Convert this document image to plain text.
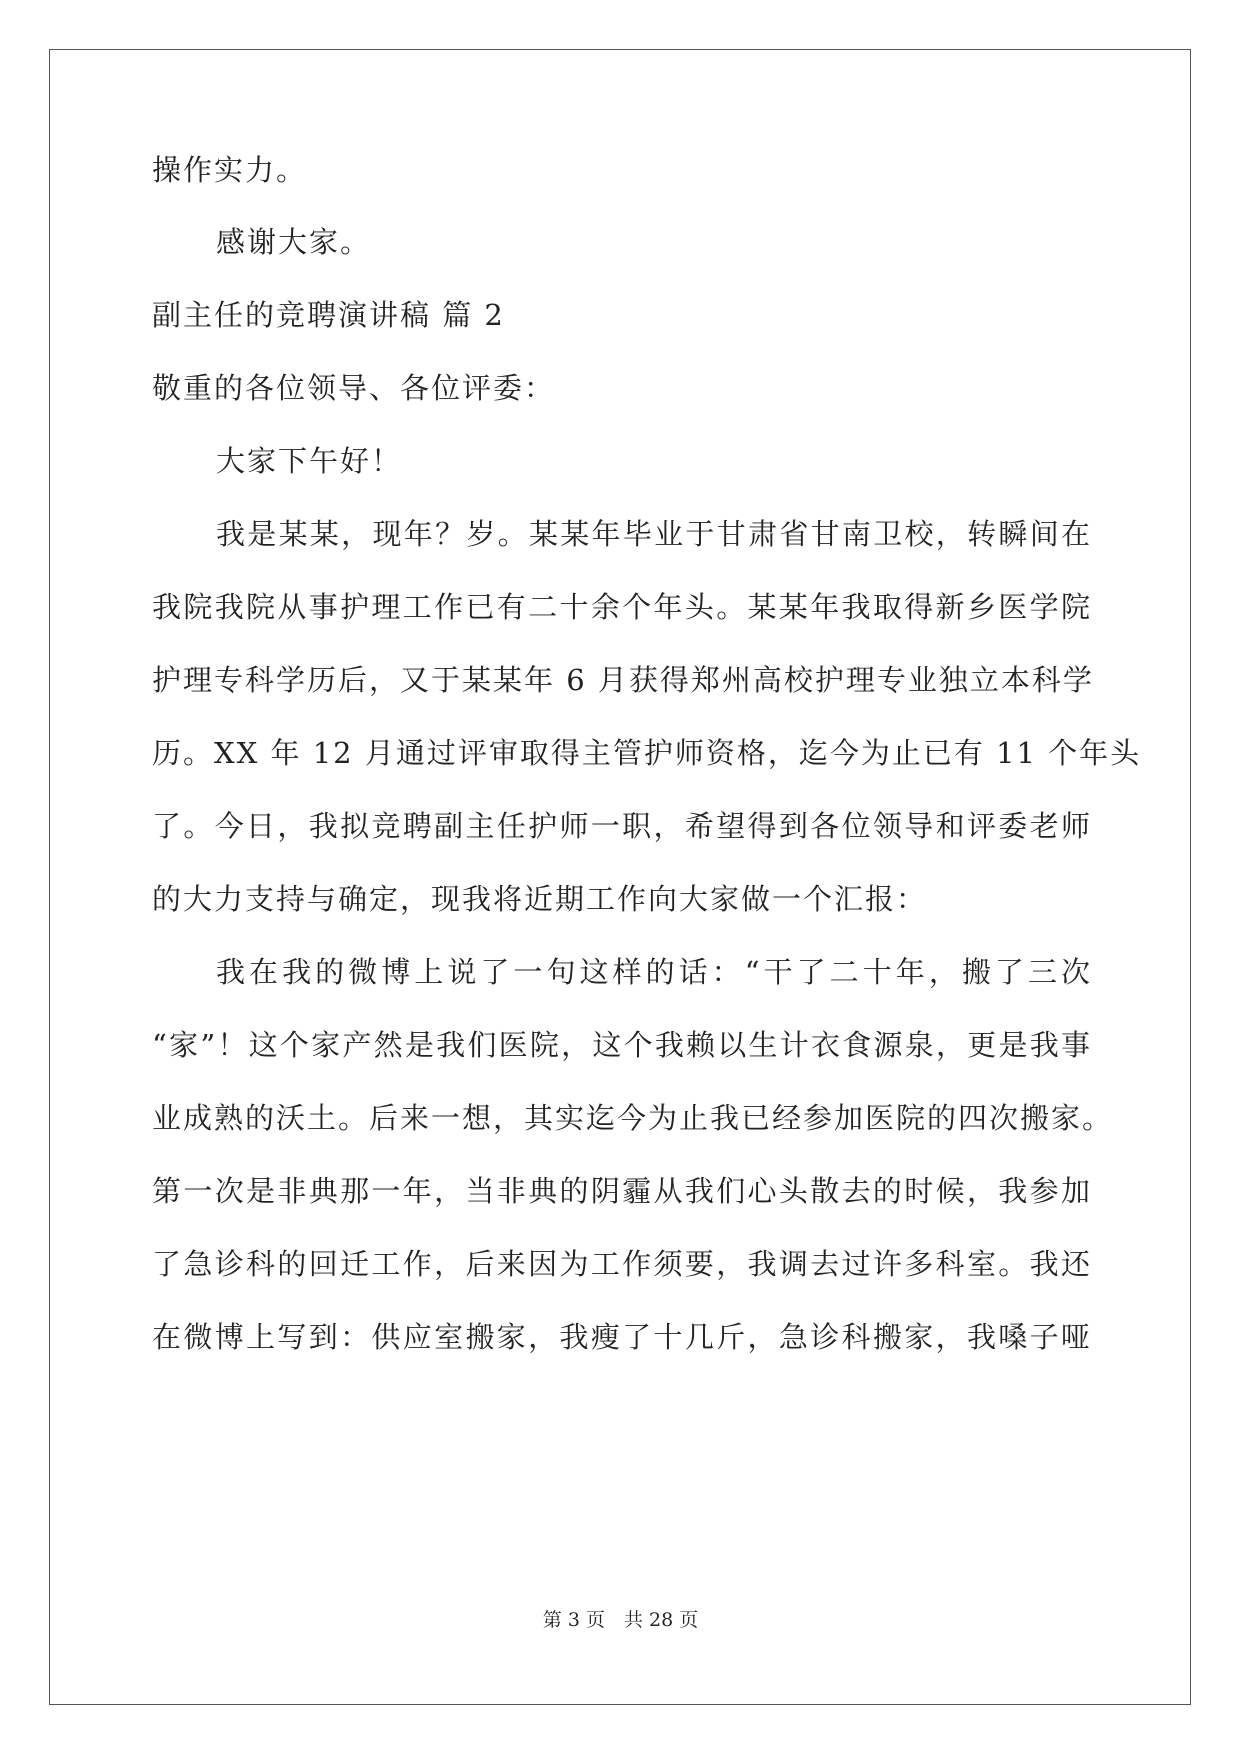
操作实力。
感谢大家。
副主任的竞聘演讲稿 篇 2
敬重的各位领导、各位评委：
大家下午好！
我是某某，现年？岁。某某年毕业于甘肃省甘南卫校，转瞬间在
我院我院从事护理工作已有二十余个年头。某某年我取得新乡医学院
护理专科学历后，又于某某年 6 月获得郑州高校护理专业独立本科学
历。XX 年 12 月通过评审取得主管护师资格，迄今为止已有 11 个年头
了。今日，我拟竞聘副主任护师一职，希望得到各位领导和评委老师
的大力支持与确定，现我将近期工作向大家做一个汇报：
我在我的微博上说了一句这样的话：“干了二十年，搬了三次
“家”！这个家产然是我们医院，这个我赖以生计衣食源泉，更是我事
业成熟的沃土。后来一想，其实迄今为止我已经参加医院的四次搬家。
第一次是非典那一年，当非典的阴霾从我们心头散去的时候，我参加
了急诊科的回迁工作，后来因为工作须要，我调去过许多科室。我还
在微博上写到：供应室搬家，我瘦了十几斤，急诊科搬家，我嗓子哑
第 3 页　共 28 页
